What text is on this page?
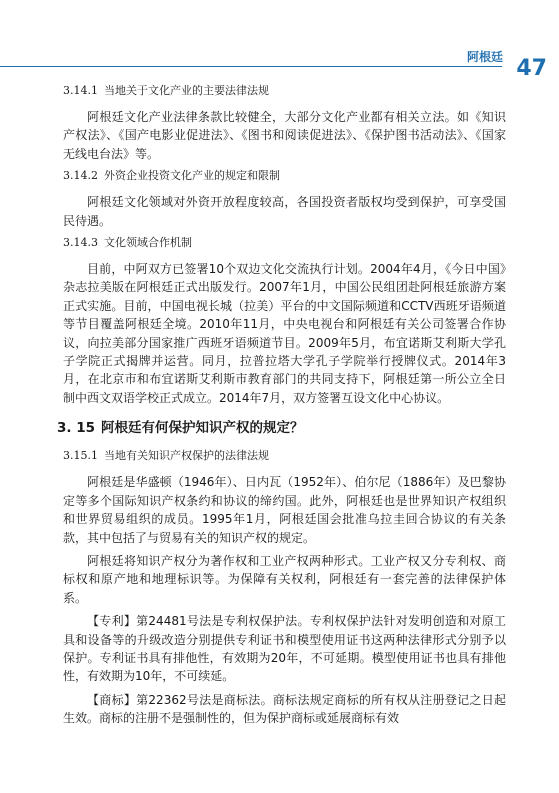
阿根廷 47
3.14.1 当地关于文化产业的主要法律法规

阿根廷文化产业法律条款比较健全，大部分文化产业都有相关立法。如《知识产权法》、《国产电影业促进法》、《图书和阅读促进法》、《保护图书活动法》、《国家无线电台法》等。

3.14.2 外资企业投资文化产业的规定和限制

阿根廷文化领域对外资开放程度较高，各国投资者版权均受到保护，可享受国民待遇。

3.14.3 文化领域合作机制

目前，中阿双方已签署10个双边文化交流执行计划。2004年4月，《今日中国》杂志拉美版在阿根廷正式出版发行。2007年1月，中国公民组团赴阿根廷旅游方案正式实施。目前，中国电视长城（拉美）平台的中文国际频道和CCTV西班牙语频道等节目覆盖阿根廷全境。2010年11月，中央电视台和阿根廷有关公司签署合作协议，向拉美部分国家推广西班牙语频道节目。2009年5月，布宜诺斯艾利斯大学孔子学院正式揭牌并运营。同月，拉普拉塔大学孔子学院举行授牌仪式。2014年3月，在北京市和布宜诺斯艾利斯市教育部门的共同支持下，阿根廷第一所公立全日制中西文双语学校正式成立。2014年7月，双方签署互设文化中心协议。

3. 15 阿根廷有何保护知识产权的规定？
3.15.1 当地有关知识产权保护的法律法规

阿根廷是华盛顿（1946年）、日内瓦（1952年）、伯尔尼（1886年）及巴黎协定等多个国际知识产权条约和协议的缔约国。此外，阿根廷也是世界知识产权组织和世界贸易组织的成员。1995年1月，阿根廷国会批准乌拉圭回合协议的有关条款，其中包括了与贸易有关的知识产权的规定。

阿根廷将知识产权分为著作权和工业产权两种形式。工业产权又分专利权、商标权和原产地和地理标识等。为保障有关权利，阿根廷有一套完善的法律保护体系。

【专利】第24481号法是专利权保护法。专利权保护法针对发明创造和对原工具和设备等的升级改造分别提供专利证书和模型使用证书这两种法律形式分别予以保护。专利证书具有排他性，有效期为20年，不可延期。模型使用证书也具有排他性，有效期为10年，不可续延。

【商标】第22362号法是商标法。商标法规定商标的所有权从注册登记之日起生效。商标的注册不是强制性的，但为保护商标或延展商标有效
